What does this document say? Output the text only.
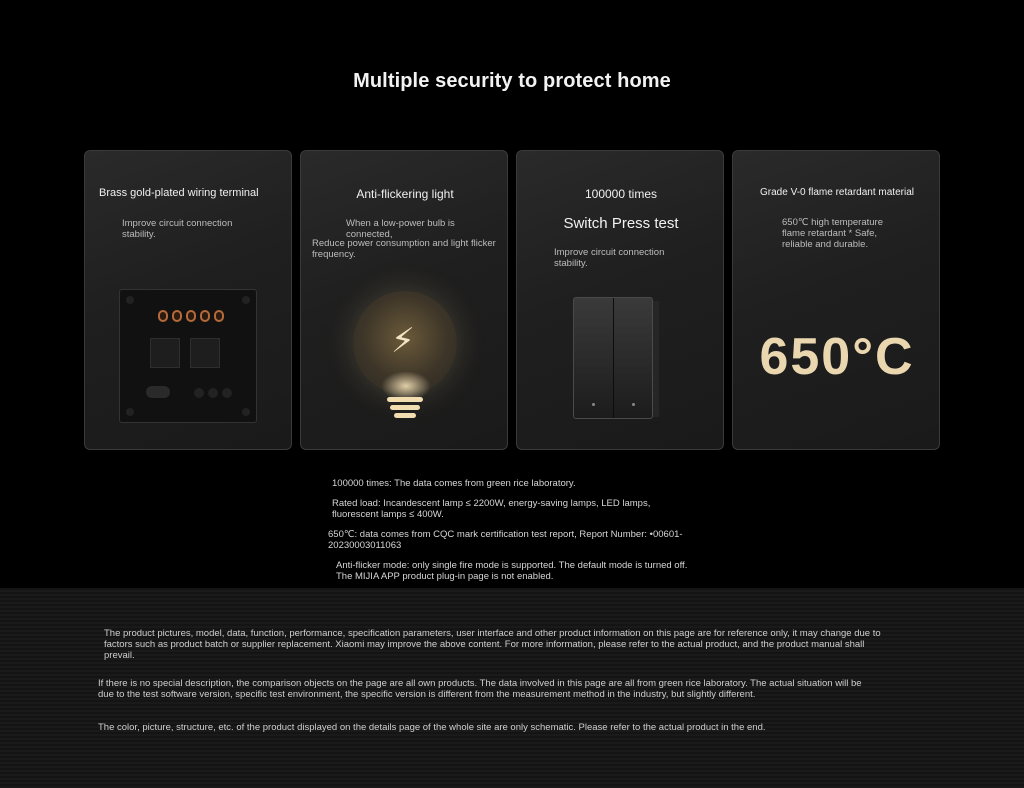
Multiple security to protect home
Brass gold-plated wiring terminal
Improve circuit connection stability.
Anti-flickering light
When a low-power bulb is connected,
Reduce power consumption and light flicker frequency.
⚡
100000 times
Switch Press test
Improve circuit connection stability.
Grade V-0 flame retardant material
650℃ high temperature flame retardant * Safe, reliable and durable.
650°C

100000 times: The data comes from green rice laboratory.

Rated load: Incandescent lamp ≤ 2200W, energy-saving lamps, LED lamps, fluorescent lamps ≤ 400W.

650℃: data comes from CQC mark certification test report, Report Number: •00601-20230003011063

Anti-flicker mode: only single fire mode is supported. The default mode is turned off. The MIJIA APP product plug-in page is not enabled.

The product pictures, model, data, function, performance, specification parameters, user interface and other product information on this page are for reference only, it may change due to factors such as product batch or supplier replacement. Xiaomi may improve the above content. For more information, please refer to the actual product, and the product manual shall prevail.

If there is no special description, the comparison objects on the page are all own products. The data involved in this page are all from green rice laboratory. The actual situation will be due to the test software version, specific test environment, the specific version is different from the measurement method in the industry, but slightly different.

The color, picture, structure, etc. of the product displayed on the details page of the whole site are only schematic. Please refer to the actual product in the end.
